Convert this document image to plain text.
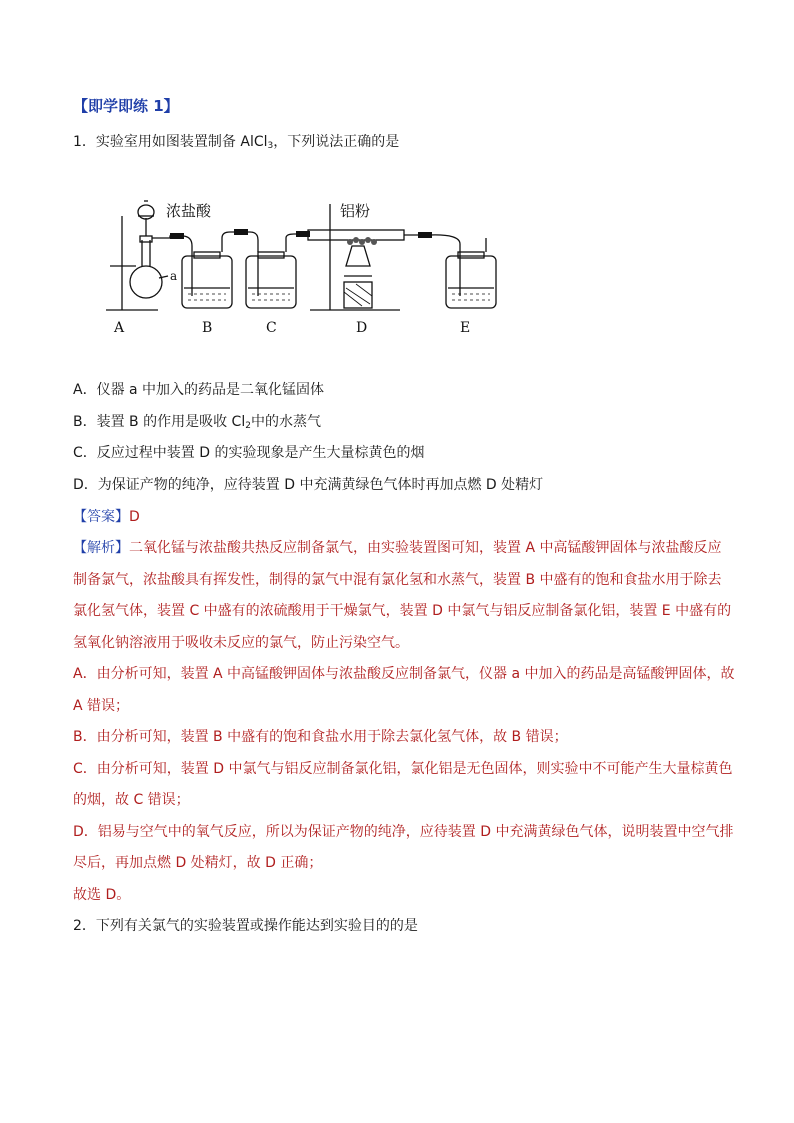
【即学即练 1】
1．实验室用如图装置制备 AlCl$_3$，下列说法正确的是
浓盐酸	铝粉
a
A	B	C	D	E
A．仪器 a 中加入的药品是二氧化锰固体
B．装置 B 的作用是吸收 $Cl_2$中的水蒸气
C．反应过程中装置 D 的实验现象是产生大量棕黄色的烟
D．为保证产物的纯净，应待装置 D 中充满黄绿色气体时再加点燃 D 处精灯
【答案】D
【解析】二氧化锰与浓盐酸共热反应制备氯气，由实验装置图可知，装置 A 中高锰酸钾固体与浓盐酸反应
制备氯气，浓盐酸具有挥发性，制得的氯气中混有氯化氢和水蒸气，装置 B 中盛有的饱和食盐水用于除去
氯化氢气体，装置 C 中盛有的浓硫酸用于干燥氯气，装置 D 中氯气与铝反应制备氯化铝，装置 E 中盛有的
氢氧化钠溶液用于吸收未反应的氯气，防止污染空气。
A．由分析可知，装置 A 中高锰酸钾固体与浓盐酸反应制备氯气，仪器 a 中加入的药品是高锰酸钾固体，故
A 错误；
B．由分析可知，装置 B 中盛有的饱和食盐水用于除去氯化氢气体，故 B 错误；
C．由分析可知，装置 D 中氯气与铝反应制备氯化铝，氯化铝是无色固体，则实验中不可能产生大量棕黄色
的烟，故 C 错误；
D．铝易与空气中的氧气反应，所以为保证产物的纯净，应待装置 D 中充满黄绿色气体，说明装置中空气排
尽后，再加点燃 D 处精灯，故 D 正确；
故选 D。
2．下列有关氯气的实验装置或操作能达到实验目的的是
